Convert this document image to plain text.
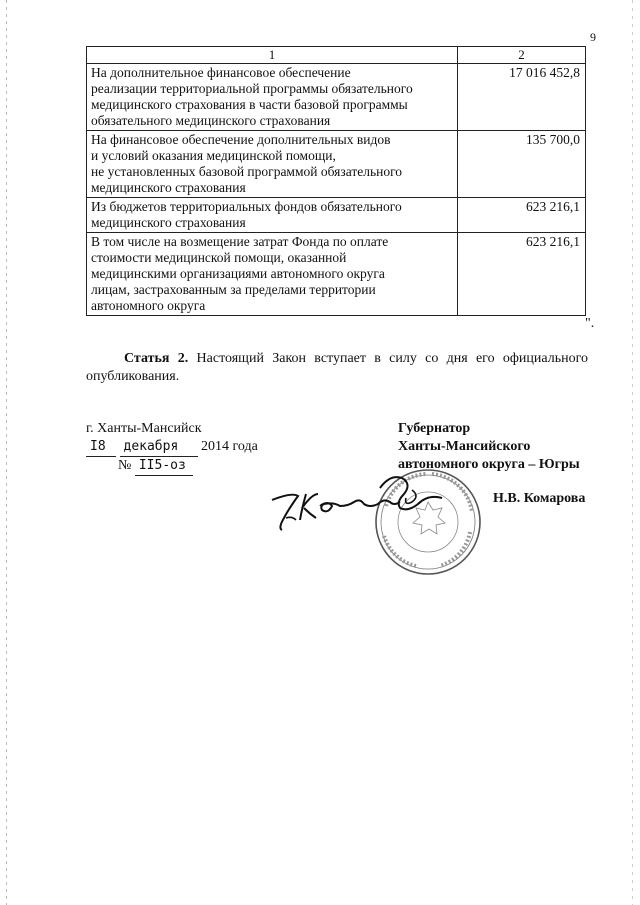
9
1	2

На дополнительное финансовое обеспечение
реализации территориальной программы обязательного
медицинского страхования в части базовой программы
обязательного медицинского страхования	17 016 452,8

На финансовое обеспечение дополнительных видов
и условий оказания медицинской помощи,
не установленных базовой программой обязательного
медицинского страхования	135 700,0

Из бюджетов территориальных фондов обязательного
медицинского страхования	623 216,1

В том числе на возмещение затрат Фонда по оплате
стоимости медицинской помощи, оказанной
медицинскими организациями автономного округа
лицам, застрахованным за пределами территории
автономного округа	623 216,1
".
Статья 2. Настоящий Закон вступает в силу со дня его официального опубликования.
г. Ханты-Мансийск
I8 декабря 2014 года
№ II5-оз
Губернатор
Ханты-Мансийского
автономного округа – Югры
Н.В. Комарова
